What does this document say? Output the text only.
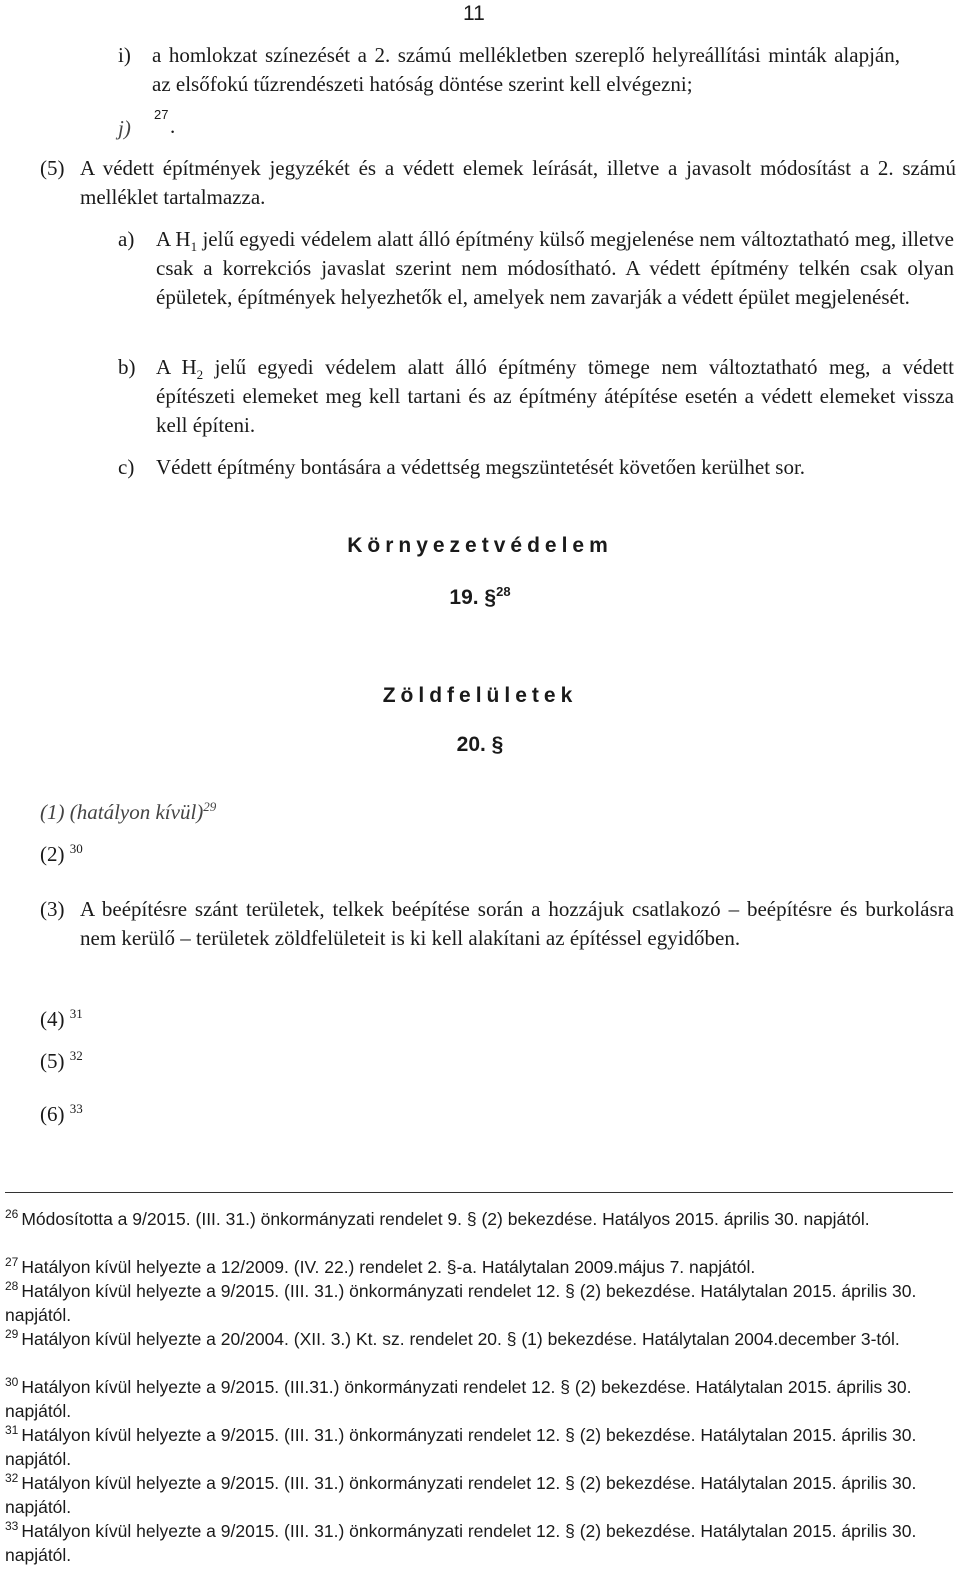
11
i) a homlokzat színezését a 2. számú mellékletben szereplő helyreállítási minták alapján, az elsőfokú tűzrendészeti hatóság döntése szerint kell elvégezni;
j)
27 .
(5) A védett építmények jegyzékét és a védett elemek leírását, illetve a javasolt módosítást a 2. számú melléklet tartalmazza.
a) A $H_1$ jelű egyedi védelem alatt álló építmény külső megjelenése nem változtatható meg, illetve csak a korrekciós javaslat szerint nem módosítható. A védett építmény telkén csak olyan épületek, építmények helyezhetők el, amelyek nem zavarják a védett épület megjelenését.
b) A $H_2$ jelű egyedi védelem alatt álló építmény tömege nem változtatható meg, a védett építészeti elemeket meg kell tartani és az építmény átépítése esetén a védett elemeket vissza kell építeni.
c) Védett építmény bontására a védettség megszüntetését követően kerülhet sor.
Környezetvédelem
19. §$^{28}$
Zöldfelületek
20. §
(1) (hatályon kívül)$^{29}$
(2) $^{30}$
(3) A beépítésre szánt területek, telkek beépítése során a hozzájuk csatlakozó – beépítésre és burkolásra nem kerülő – területek zöldfelületeit is ki kell alakítani az építéssel egyidőben.
(4) $^{31}$
(5) $^{32}$
(6) $^{33}$
$^{26}$ Módosította a 9/2015. (III. 31.) önkormányzati rendelet 9. § (2) bekezdése. Hatályos 2015. április 30. napjától.
$^{27}$ Hatályon kívül helyezte a 12/2009. (IV. 22.) rendelet 2. §-a. Hatálytalan 2009.május 7. napjától.
$^{28}$ Hatályon kívül helyezte a 9/2015. (III. 31.) önkormányzati rendelet 12. § (2) bekezdése. Hatálytalan 2015. április 30. napjától.
$^{29}$ Hatályon kívül helyezte a 20/2004. (XII. 3.) Kt. sz. rendelet 20. § (1) bekezdése. Hatálytalan 2004.december 3-tól.
$^{30}$ Hatályon kívül helyezte a 9/2015. (III.31.) önkormányzati rendelet 12. § (2) bekezdése. Hatálytalan 2015. április 30. napjától.
$^{31}$ Hatályon kívül helyezte a 9/2015. (III. 31.) önkormányzati rendelet 12. § (2) bekezdése. Hatálytalan 2015. április 30. napjától.
$^{32}$ Hatályon kívül helyezte a 9/2015. (III. 31.) önkormányzati rendelet 12. § (2) bekezdése. Hatálytalan 2015. április 30. napjától.
$^{33}$ Hatályon kívül helyezte a 9/2015. (III. 31.) önkormányzati rendelet 12. § (2) bekezdése. Hatálytalan 2015. április 30. napjától.
